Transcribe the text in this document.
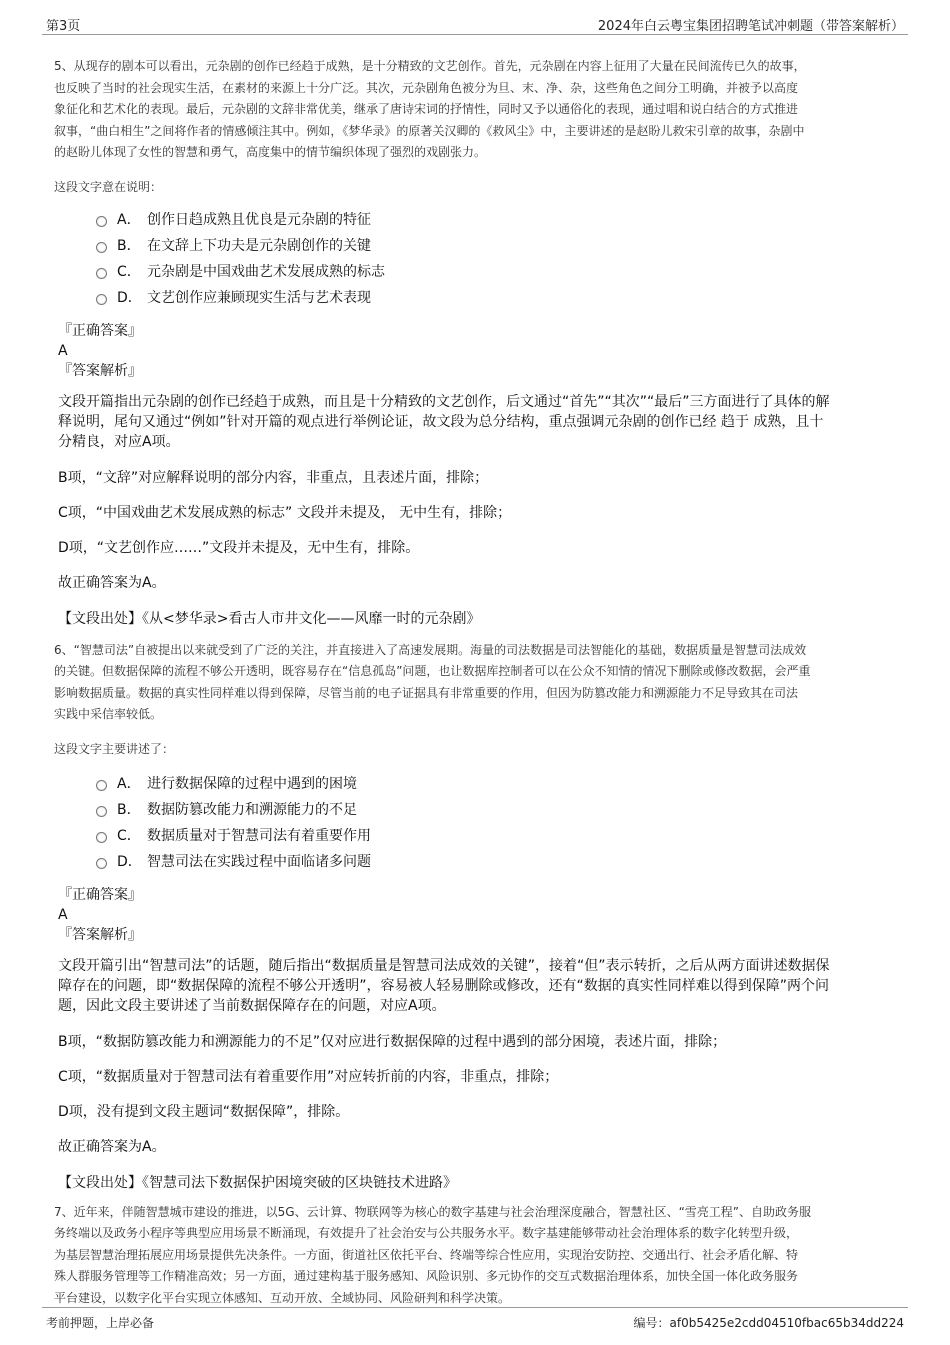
第3页	2024年白云粤宝集团招聘笔试冲刺题（带答案解析）
5、从现存的剧本可以看出，元杂剧的创作已经趋于成熟，是十分精致的文艺创作。首先，元杂剧在内容上征用了大量在民间流传已久的故事，
也反映了当时的社会现实生活，在素材的来源上十分广泛。其次，元杂剧角色被分为旦、末、净、杂，这些角色之间分工明确，并被予以高度
象征化和艺术化的表现。最后，元杂剧的文辞非常优美，继承了唐诗宋词的抒情性，同时又予以通俗化的表现，通过唱和说白结合的方式推进
叙事，“曲白相生”之间将作者的情感倾注其中。例如，《梦华录》的原著关汉卿的《救风尘》中，主要讲述的是赵盼儿救宋引章的故事，杂剧中
的赵盼儿体现了女性的智慧和勇气，高度集中的情节编织体现了强烈的戏剧张力。

这段文字意在说明：

A． 创作日趋成熟且优良是元杂剧的特征
B． 在文辞上下功夫是元杂剧创作的关键
C． 元杂剧是中国戏曲艺术发展成熟的标志
D． 文艺创作应兼顾现实生活与艺术表现

『正确答案』

A

『答案解析』

文段开篇指出元杂剧的创作已经趋于成熟，而且是十分精致的文艺创作，后文通过“首先”“其次”“最后”三方面进行了具体的解
释说明，尾句又通过“例如”针对开篇的观点进行举例论证，故文段为总分结构，重点强调元杂剧的创作已经 趋于 成熟，且十
分精良，对应A项。

B项，“文辞”对应解释说明的部分内容，非重点，且表述片面，排除；

C项，“中国戏曲艺术发展成熟的标志” 文段并未提及， 无中生有，排除；

D项，“文艺创作应……”文段并未提及，无中生有，排除。

故正确答案为A。

【文段出处】《从<梦华录>看古人市井文化——风靡一时的元杂剧》

6、“智慧司法”自被提出以来就受到了广泛的关注，并直接进入了高速发展期。海量的司法数据是司法智能化的基础，数据质量是智慧司法成效
的关键。但数据保障的流程不够公开透明，既容易存在“信息孤岛”问题，也让数据库控制者可以在公众不知情的情况下删除或修改数据，会严重
影响数据质量。数据的真实性同样难以得到保障，尽管当前的电子证据具有非常重要的作用，但因为防篡改能力和溯源能力不足导致其在司法
实践中采信率较低。

这段文字主要讲述了：

A． 进行数据保障的过程中遇到的困境
B． 数据防篡改能力和溯源能力的不足
C． 数据质量对于智慧司法有着重要作用
D． 智慧司法在实践过程中面临诸多问题

『正确答案』

A

『答案解析』

文段开篇引出“智慧司法”的话题，随后指出“数据质量是智慧司法成效的关键”，接着“但”表示转折，之后从两方面讲述数据保
障存在的问题，即“数据保障的流程不够公开透明”，容易被人轻易删除或修改，还有“数据的真实性同样难以得到保障”两个问
题，因此文段主要讲述了当前数据保障存在的问题，对应A项。

B项，“数据防篡改能力和溯源能力的不足”仅对应进行数据保障的过程中遇到的部分困境，表述片面，排除；

C项，“数据质量对于智慧司法有着重要作用”对应转折前的内容，非重点，排除；

D项，没有提到文段主题词“数据保障”，排除。

故正确答案为A。

【文段出处】《智慧司法下数据保护困境突破的区块链技术进路》

7、近年来，伴随智慧城市建设的推进，以5G、云计算、物联网等为核心的数字基建与社会治理深度融合，智慧社区、“雪亮工程”、自助政务服
务终端以及政务小程序等典型应用场景不断涌现，有效提升了社会治安与公共服务水平。数字基建能够带动社会治理体系的数字化转型升级，
为基层智慧治理拓展应用场景提供先决条件。一方面，街道社区依托平台、终端等综合性应用，实现治安防控、交通出行、社会矛盾化解、特
殊人群服务管理等工作精准高效；另一方面，通过建构基于服务感知、风险识别、多元协作的交互式数据治理体系，加快全国一体化政务服务
平台建设，以数字化平台实现立体感知、互动开放、全域协同、风险研判和科学决策。
考前押题，上岸必备	编号：af0b5425e2cdd04510fbac65b34dd224
